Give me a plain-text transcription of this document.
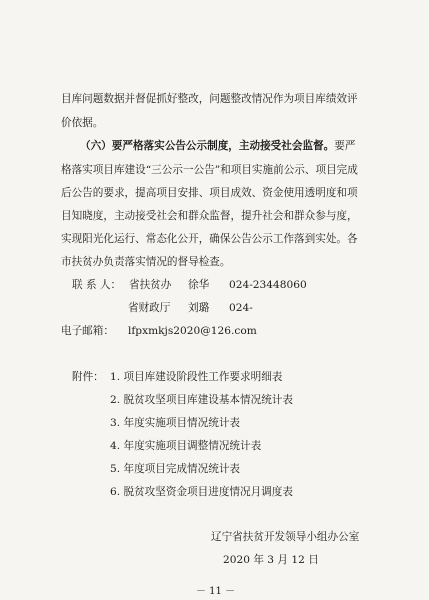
目库问题数据并督促抓好整改，问题整改情况作为项目库绩效评
价依据。
（六）要严格落实公告公示制度，主动接受社会监督。要严
格落实项目库建设“三公示一公告”和项目实施前公示、项目完成
后公告的要求，提高项目安排、项目成效、资金使用透明度和项
目知晓度，主动接受社会和群众监督，提升社会和群众参与度，
实现阳光化运行、常态化公开，确保公告公示工作落到实处。各
市扶贫办负责落实情况的督导检查。
联 系 人： 省扶贫办 徐华 024-23448060
省财政厅 刘璐 024-
电子邮箱： lfpxmkjs2020@126.com
附件： 1. 项目库建设阶段性工作要求明细表
2. 脱贫攻坚项目库建设基本情况统计表
3. 年度实施项目情况统计表
4. 年度实施项目调整情况统计表
5. 年度项目完成情况统计表
6. 脱贫攻坚资金项目进度情况月调度表
辽宁省扶贫开发领导小组办公室
2020 年 3 月 12 日
－ 11 －
